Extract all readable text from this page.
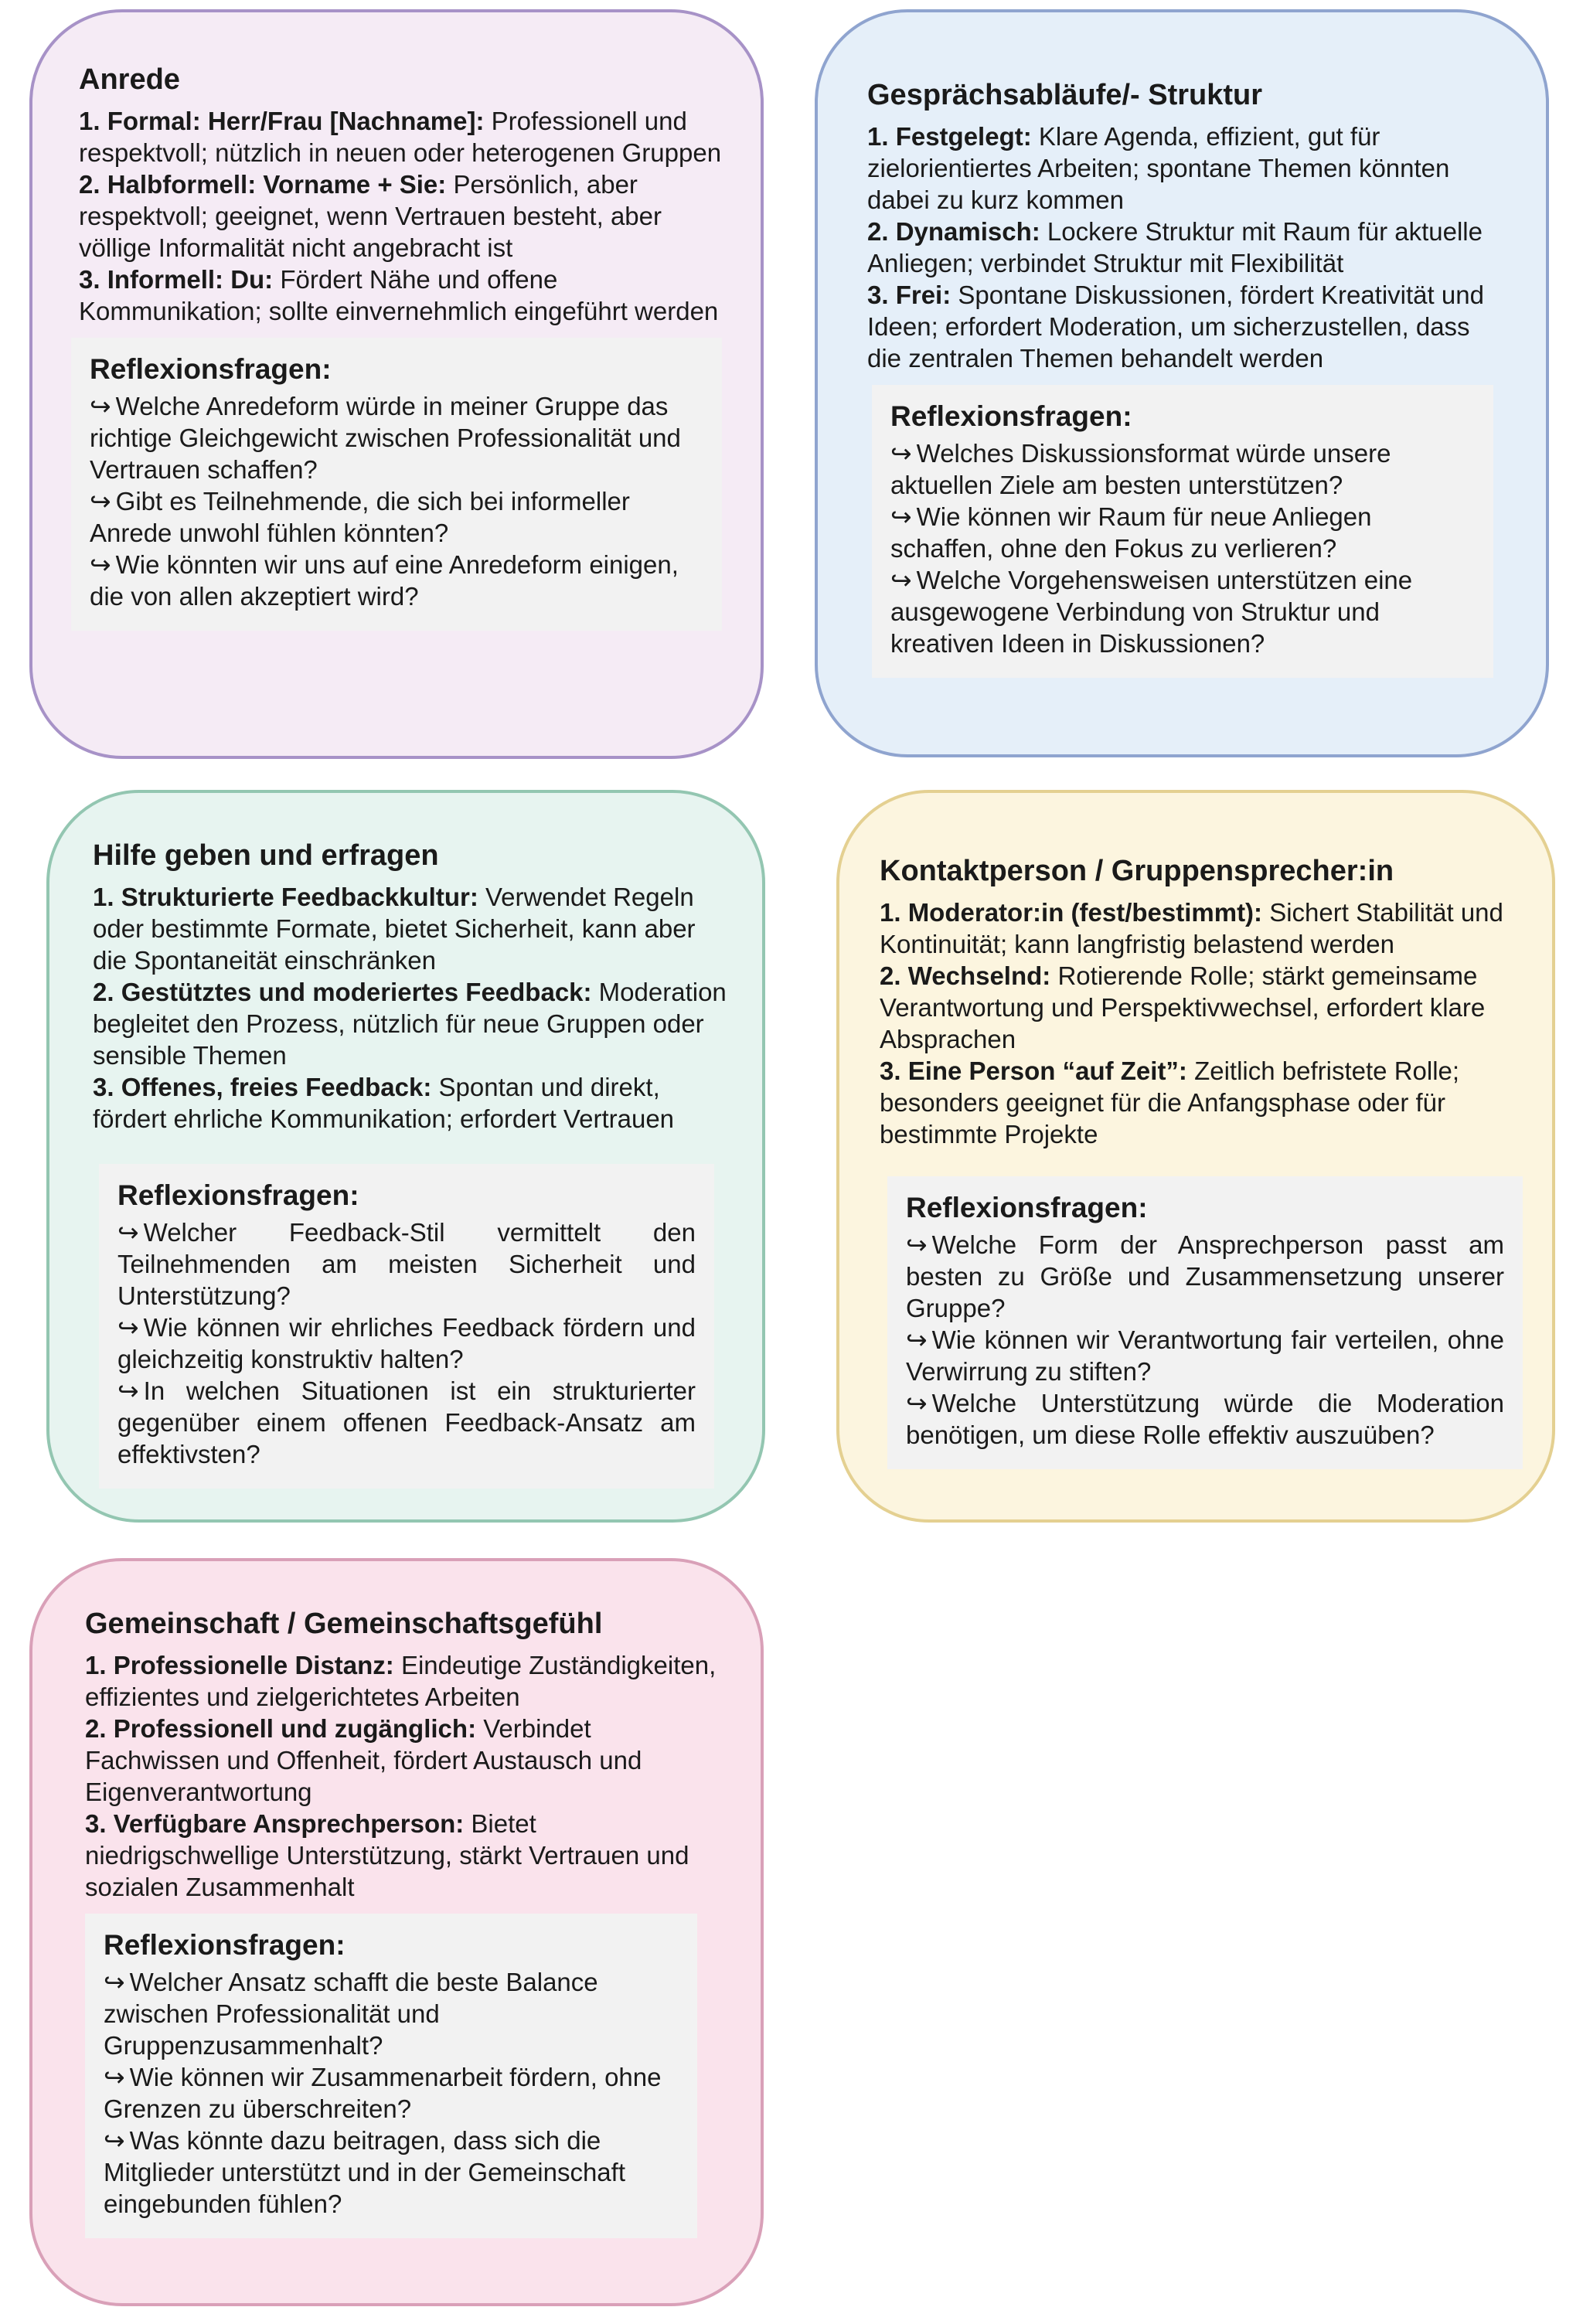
Anrede

1. Formal: Herr/Frau [Nachname]: Professionell und respektvoll; nützlich in neuen oder heterogenen Gruppen

2. Halbformell: Vorname + Sie: Persönlich, aber respektvoll; geeignet, wenn Vertrauen besteht, aber völlige Informalität nicht angebracht ist

3. Informell: Du: Fördert Nähe und offene Kommunikation; sollte einvernehmlich eingeführt werden

Reflexionsfragen:

↪ Welche Anredeform würde in meiner Gruppe das richtige Gleichgewicht zwischen Professionalität und Vertrauen schaffen?

↪ Gibt es Teilnehmende, die sich bei informeller Anrede unwohl fühlen könnten?

↪ Wie könnten wir uns auf eine Anredeform einigen, die von allen akzeptiert wird?

Gesprächsabläufe/- Struktur

1. Festgelegt: Klare Agenda, effizient, gut für zielorientiertes Arbeiten; spontane Themen könnten dabei zu kurz kommen

2. Dynamisch: Lockere Struktur mit Raum für aktuelle Anliegen; verbindet Struktur mit Flexibilität

3. Frei: Spontane Diskussionen, fördert Kreativität und Ideen; erfordert Moderation, um sicherzustellen, dass die zentralen Themen behandelt werden

Reflexionsfragen:

↪ Welches Diskussionsformat würde unsere aktuellen Ziele am besten unterstützen?

↪ Wie können wir Raum für neue Anliegen schaffen, ohne den Fokus zu verlieren?

↪ Welche Vorgehensweisen unterstützen eine ausgewogene Verbindung von Struktur und kreativen Ideen in Diskussionen?

Hilfe geben und erfragen

1. Strukturierte Feedbackkultur: Verwendet Regeln oder bestimmte Formate, bietet Sicherheit, kann aber die Spontaneität einschränken

2. Gestütztes und moderiertes Feedback: Moderation begleitet den Prozess, nützlich für neue Gruppen oder sensible Themen

3. Offenes, freies Feedback: Spontan und direkt, fördert ehrliche Kommunikation; erfordert Vertrauen

Reflexionsfragen:

↪ Welcher Feedback-Stil vermittelt den Teilnehmenden am meisten Sicherheit und Unterstützung?

↪ Wie können wir ehrliches Feedback fördern und gleichzeitig konstruktiv halten?

↪ In welchen Situationen ist ein strukturierter gegenüber einem offenen Feedback-Ansatz am effektivsten?

Kontaktperson / Gruppensprecher:in

1. Moderator:in (fest/bestimmt): Sichert Stabilität und Kontinuität; kann langfristig belastend werden

2. Wechselnd: Rotierende Rolle; stärkt gemeinsame Verantwortung und Perspektivwechsel, erfordert klare Absprachen

3. Eine Person “auf Zeit”: Zeitlich befristete Rolle; besonders geeignet für die Anfangsphase oder für bestimmte Projekte

Reflexionsfragen:

↪ Welche Form der Ansprechperson passt am besten zu Größe und Zusammensetzung unserer Gruppe?

↪ Wie können wir Verantwortung fair verteilen, ohne Verwirrung zu stiften?

↪ Welche Unterstützung würde die Moderation benötigen, um diese Rolle effektiv auszuüben?

Gemeinschaft / Gemeinschaftsgefühl

1. Professionelle Distanz: Eindeutige Zuständigkeiten, effizientes und zielgerichtetes Arbeiten

2. Professionell und zugänglich: Verbindet Fachwissen und Offenheit, fördert Austausch und Eigenverantwortung

3. Verfügbare Ansprechperson: Bietet niedrigschwellige Unterstützung, stärkt Vertrauen und sozialen Zusammenhalt

Reflexionsfragen:

↪ Welcher Ansatz schafft die beste Balance zwischen Professionalität und Gruppenzusammenhalt?

↪ Wie können wir Zusammenarbeit fördern, ohne Grenzen zu überschreiten?

↪ Was könnte dazu beitragen, dass sich die Mitglieder unterstützt und in der Gemeinschaft eingebunden fühlen?
